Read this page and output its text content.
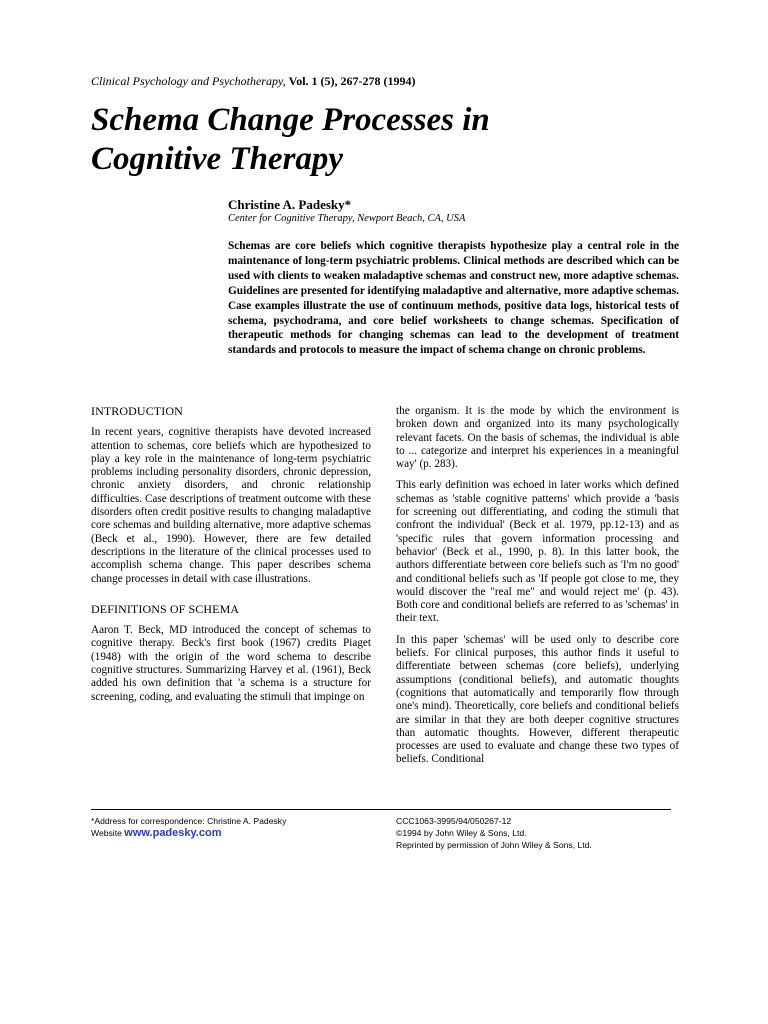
Clinical Psychology and Psychotherapy, Vol. 1 (5), 267-278 (1994)
Schema Change Processes in
Cognitive Therapy
Christine A. Padesky*
Center for Cognitive Therapy, Newport Beach, CA, USA
Schemas are core beliefs which cognitive therapists hypothesize play a central role in the maintenance of long-term psychiatric problems. Clinical methods are described which can be used with clients to weaken maladaptive schemas and construct new, more adaptive schemas. Guidelines are presented for identifying maladaptive and alternative, more adaptive schemas. Case examples illustrate the use of continuum methods, positive data logs, historical tests of schema, psychodrama, and core belief worksheets to change schemas. Specification of therapeutic methods for changing schemas can lead to the development of treatment standards and protocols to measure the impact of schema change on chronic problems.
INTRODUCTION

In recent years, cognitive therapists have devoted increased attention to schemas, core beliefs which are hypothesized to play a key role in the maintenance of long-term psychiatric problems including personality disorders, chronic depression, chronic anxiety disorders, and chronic relationship difficulties. Case descriptions of treatment outcome with these disorders often credit positive results to changing maladaptive core schemas and building alternative, more adaptive schemas (Beck et al., 1990). However, there are few detailed descriptions in the literature of the clinical processes used to accomplish schema change. This paper describes schema change processes in detail with case illustrations.

DEFINITIONS OF SCHEMA

Aaron T. Beck, MD introduced the concept of schemas to cognitive therapy. Beck's first book (1967) credits Piaget (1948) with the origin of the word schema to describe cognitive structures. Summarizing Harvey et al. (1961), Beck added his own definition that 'a schema is a structure for screening, coding, and evaluating the stimuli that impinge on

the organism. It is the mode by which the environment is broken down and organized into its many psychologically relevant facets. On the basis of schemas, the individual is able to ... categorize and interpret his experiences in a meaningful way' (p. 283).

This early definition was echoed in later works which defined schemas as 'stable cognitive patterns' which provide a 'basis for screening out differentiating, and coding the stimuli that confront the individual' (Beck et al. 1979, pp.12-13) and as 'specific rules that govern information processing and behavior' (Beck et al., 1990, p. 8). In this latter book, the authors differentiate between core beliefs such as 'I'm no good' and conditional beliefs such as 'If people got close to me, they would discover the "real me" and would reject me' (p. 43). Both core and conditional beliefs are referred to as 'schemas' in their text.

In this paper 'schemas' will be used only to describe core beliefs. For clinical purposes, this author finds it useful to differentiate between schemas (core beliefs), underlying assumptions (conditional beliefs), and automatic thoughts (cognitions that automatically and temporarily flow through one's mind). Theoretically, core beliefs and conditional beliefs are similar in that they are both deeper cognitive structures than automatic thoughts. However, different therapeutic processes are used to evaluate and change these two types of beliefs. Conditional

*Address for correspondence: Christine A. Padesky
Website www.padesky.com
CCC1063-3995/94/050267-12
©1994 by John Wiley & Sons, Ltd.
Reprinted by permission of John Wiley & Sons, Ltd.
